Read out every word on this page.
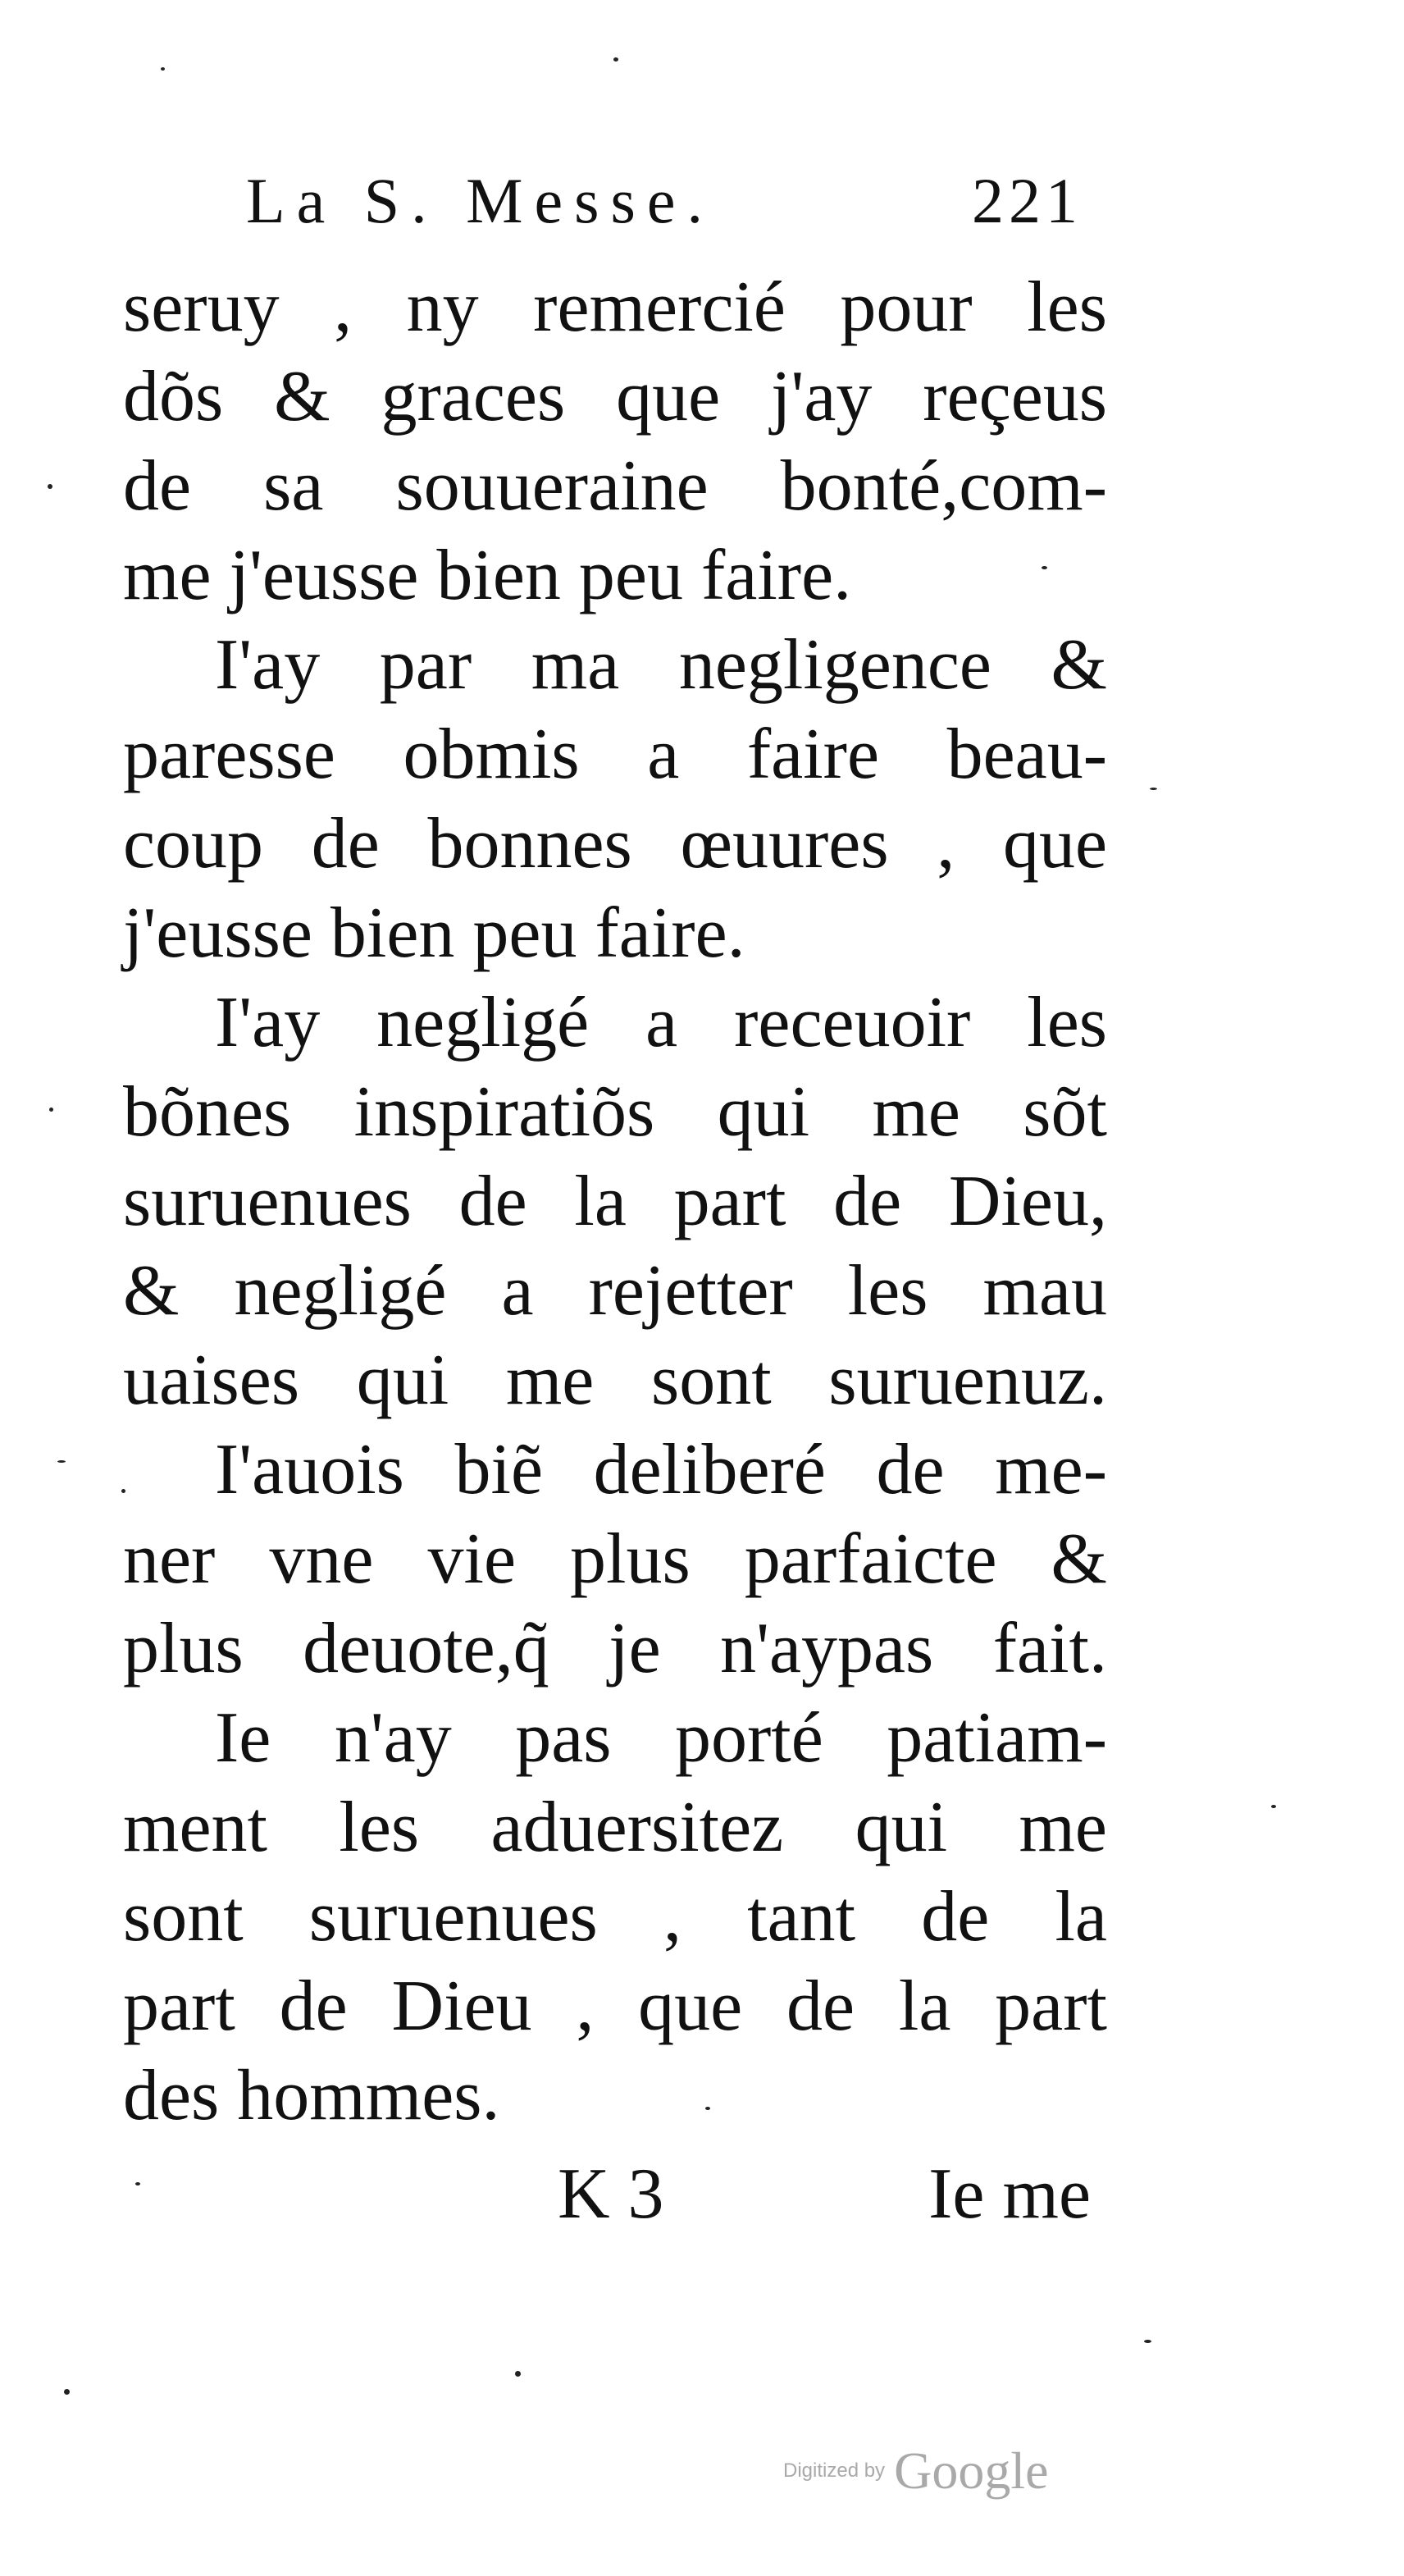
La S. Messe.	221
seruy , ny remercié pour les
dõs & graces que j'ay reçeus
de sa souueraine bonté,com-
me j'eusse bien peu faire.
I'ay par ma negligence &
paresse obmis a faire beau-
coup de bonnes œuures , que
j'eusse bien peu faire.
I'ay negligé a receuoir les
bõnes inspiratiõs qui me sõt
suruenues de la part de Dieu,
& negligé a rejetter les mau
uaises qui me sont suruenuz.
I'auois biẽ deliberé de me-
ner vne vie plus parfaicte &
plus deuote,q̃ je n'aypas fait.
Ie n'ay pas porté patiam-
ment les aduersitez qui me
sont suruenues , tant de la
part de Dieu , que de la part
des hommes.
K 3	Ie me
Digitized by Google
